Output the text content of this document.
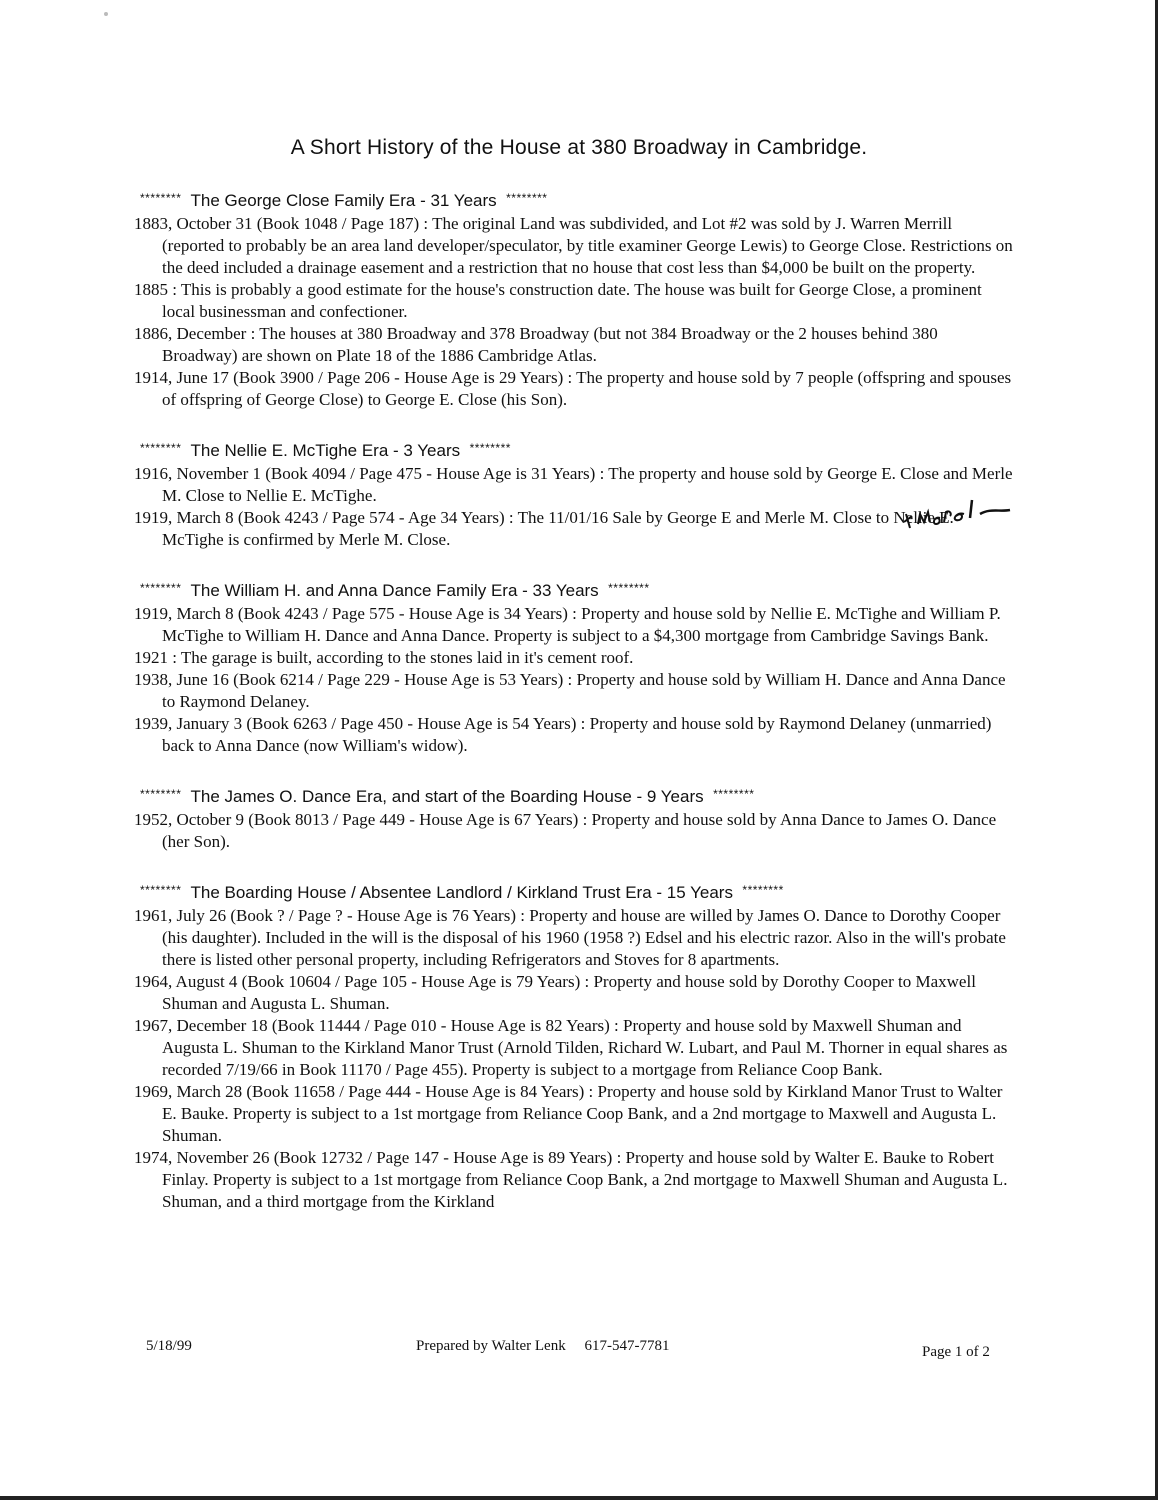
A Short History of the House at 380 Broadway in Cambridge.
******** The George Close Family Era - 31 Years ********
1883, October 31 (Book 1048 / Page 187) : The original Land was subdivided, and Lot #2 was sold by J. Warren Merrill (reported to probably be an area land developer/speculator, by title examiner George Lewis) to George Close. Restrictions on the deed included a drainage easement and a restriction that no house that cost less than $4,000 be built on the property.
1885 : This is probably a good estimate for the house's construction date. The house was built for George Close, a prominent local businessman and confectioner.
1886, December : The houses at 380 Broadway and 378 Broadway (but not 384 Broadway or the 2 houses behind 380 Broadway) are shown on Plate 18 of the 1886 Cambridge Atlas.
1914, June 17 (Book 3900 / Page 206 - House Age is 29 Years) : The property and house sold by 7 people (offspring and spouses of offspring of George Close) to George E. Close (his Son).
******** The Nellie E. McTighe Era - 3 Years ********
1916, November 1 (Book 4094 / Page 475 - House Age is 31 Years) : The property and house sold by George E. Close and Merle M. Close to Nellie E. McTighe.
1919, March 8 (Book 4243 / Page 574 - Age 34 Years) : The 11/01/16 Sale by George E and Merle M. Close to Nellie E. McTighe is confirmed by Merle M. Close.
******** The William H. and Anna Dance Family Era - 33 Years ********
1919, March 8 (Book 4243 / Page 575 - House Age is 34 Years) : Property and house sold by Nellie E. McTighe and William P. McTighe to William H. Dance and Anna Dance. Property is subject to a $4,300 mortgage from Cambridge Savings Bank.
1921 : The garage is built, according to the stones laid in it's cement roof.
1938, June 16 (Book 6214 / Page 229 - House Age is 53 Years) : Property and house sold by William H. Dance and Anna Dance to Raymond Delaney.
1939, January 3 (Book 6263 / Page 450 - House Age is 54 Years) : Property and house sold by Raymond Delaney (unmarried) back to Anna Dance (now William's widow).
******** The James O. Dance Era, and start of the Boarding House - 9 Years ********
1952, October 9 (Book 8013 / Page 449 - House Age is 67 Years) : Property and house sold by Anna Dance to James O. Dance (her Son).
******** The Boarding House / Absentee Landlord / Kirkland Trust Era - 15 Years ********
1961, July 26 (Book ? / Page ? - House Age is 76 Years) : Property and house are willed by James O. Dance to Dorothy Cooper (his daughter). Included in the will is the disposal of his 1960 (1958 ?) Edsel and his electric razor. Also in the will's probate there is listed other personal property, including Refrigerators and Stoves for 8 apartments.
1964, August 4 (Book 10604 / Page 105 - House Age is 79 Years) : Property and house sold by Dorothy Cooper to Maxwell Shuman and Augusta L. Shuman.
1967, December 18 (Book 11444 / Page 010 - House Age is 82 Years) : Property and house sold by Maxwell Shuman and Augusta L. Shuman to the Kirkland Manor Trust (Arnold Tilden, Richard W. Lubart, and Paul M. Thorner in equal shares as recorded 7/19/66 in Book 11170 / Page 455). Property is subject to a mortgage from Reliance Coop Bank.
1969, March 28 (Book 11658 / Page 444 - House Age is 84 Years) : Property and house sold by Kirkland Manor Trust to Walter E. Bauke. Property is subject to a 1st mortgage from Reliance Coop Bank, and a 2nd mortgage to Maxwell and Augusta L. Shuman.
1974, November 26 (Book 12732 / Page 147 - House Age is 89 Years) : Property and house sold by Walter E. Bauke to Robert Finlay. Property is subject to a 1st mortgage from Reliance Coop Bank, a 2nd mortgage to Maxwell Shuman and Augusta L. Shuman, and a third mortgage from the Kirkland
5/18/99	Prepared by Walter Lenk     617-547-7781	Page 1 of 2
